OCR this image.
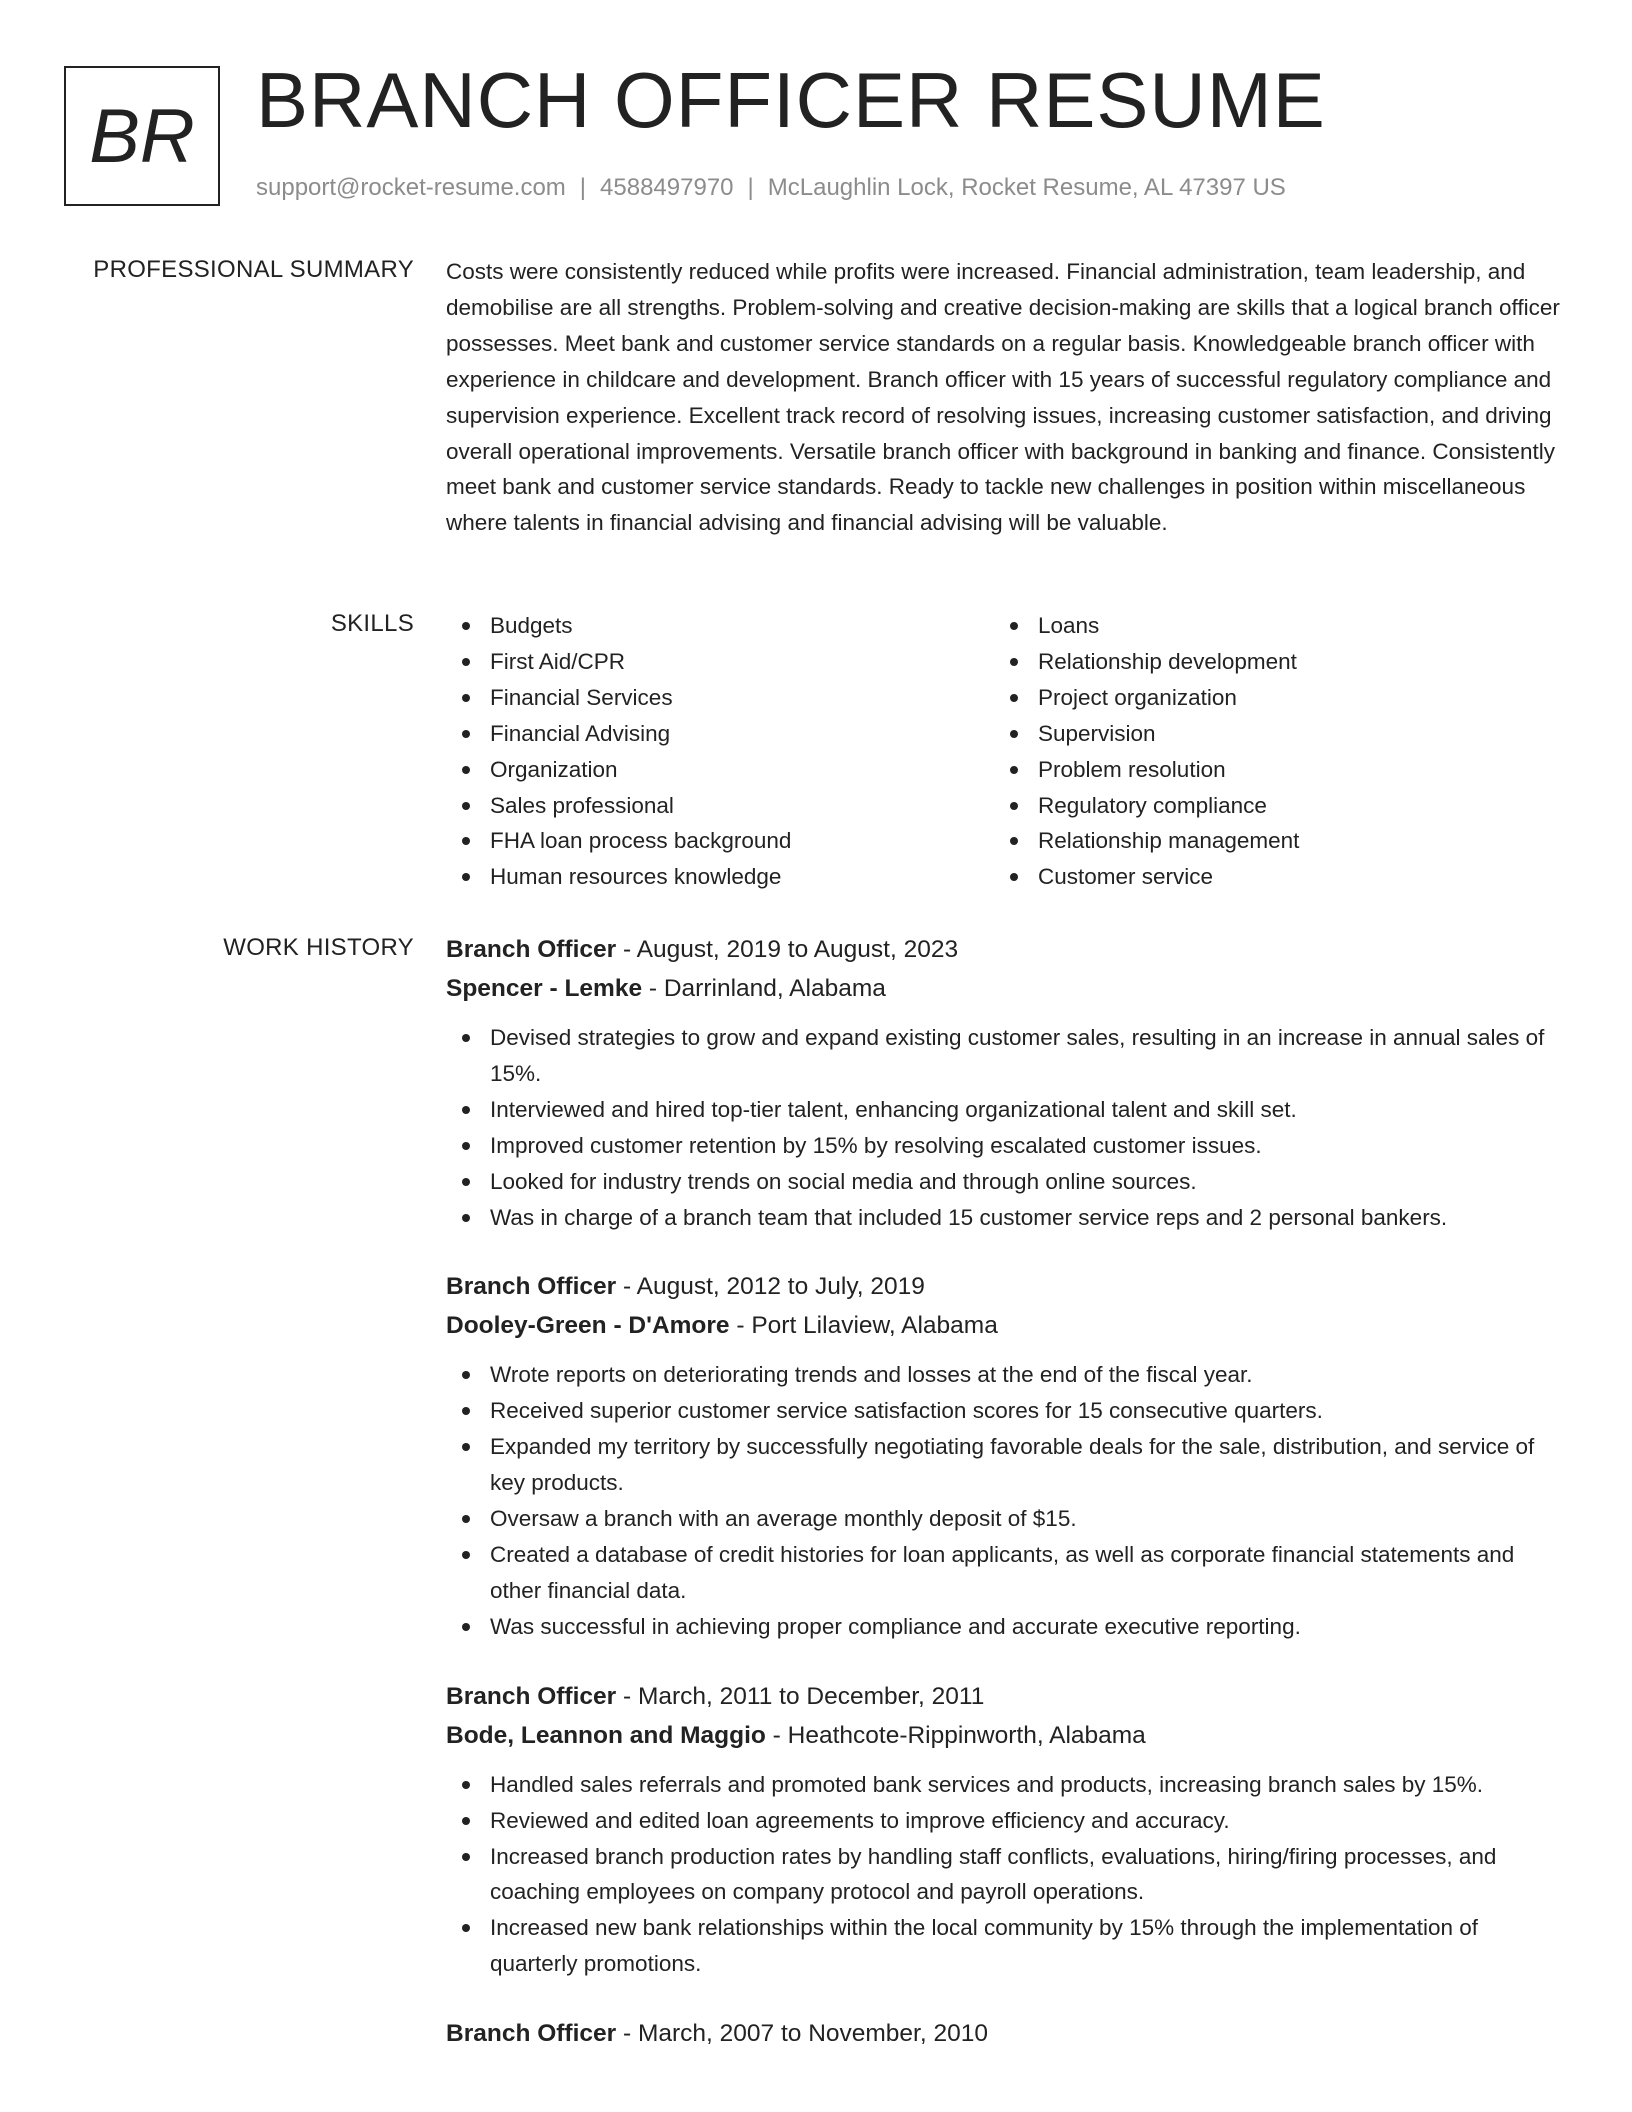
BR BRANCH OFFICER RESUME
support@rocket-resume.com | 4588497970 | McLaughlin Lock, Rocket Resume, AL 47397 US
PROFESSIONAL SUMMARY Costs were consistently reduced while profits were increased. Financial administration, team leadership, and demobilise are all strengths. Problem-solving and creative decision-making are skills that a logical branch officer possesses. Meet bank and customer service standards on a regular basis. Knowledgeable branch officer with experience in childcare and development. Branch officer with 15 years of successful regulatory compliance and supervision experience. Excellent track record of resolving issues, increasing customer satisfaction, and driving overall operational improvements. Versatile branch officer with background in banking and finance. Consistently meet bank and customer service standards. Ready to tackle new challenges in position within miscellaneous where talents in financial advising and financial advising will be valuable.

SKILLS	Budgets
First Aid/CPR
Financial Services
Financial Advising
Organization
Sales professional
FHA loan process background
Human resources knowledge
Loans
Relationship development
Project organization
Supervision
Problem resolution
Regulatory compliance
Relationship management
Customer service
WORK HISTORY Branch Officer - August, 2019 to August, 2023
Spencer - Lemke - Darrinland, Alabama
Devised strategies to grow and expand existing customer sales, resulting in an increase in annual sales of 15%.
Interviewed and hired top-tier talent, enhancing organizational talent and skill set.
Improved customer retention by 15% by resolving escalated customer issues.
Looked for industry trends on social media and through online sources.
Was in charge of a branch team that included 15 customer service reps and 2 personal bankers.
Branch Officer - August, 2012 to July, 2019
Dooley-Green - D'Amore - Port Lilaview, Alabama
Wrote reports on deteriorating trends and losses at the end of the fiscal year.
Received superior customer service satisfaction scores for 15 consecutive quarters.
Expanded my territory by successfully negotiating favorable deals for the sale, distribution, and service of key products.
Oversaw a branch with an average monthly deposit of $15.
Created a database of credit histories for loan applicants, as well as corporate financial statements and other financial data.
Was successful in achieving proper compliance and accurate executive reporting.
Branch Officer - March, 2011 to December, 2011
Bode, Leannon and Maggio - Heathcote-Rippinworth, Alabama
Handled sales referrals and promoted bank services and products, increasing branch sales by 15%.
Reviewed and edited loan agreements to improve efficiency and accuracy.
Increased branch production rates by handling staff conflicts, evaluations, hiring/firing processes, and coaching employees on company protocol and payroll operations.
Increased new bank relationships within the local community by 15% through the implementation of quarterly promotions.
Branch Officer - March, 2007 to November, 2010
